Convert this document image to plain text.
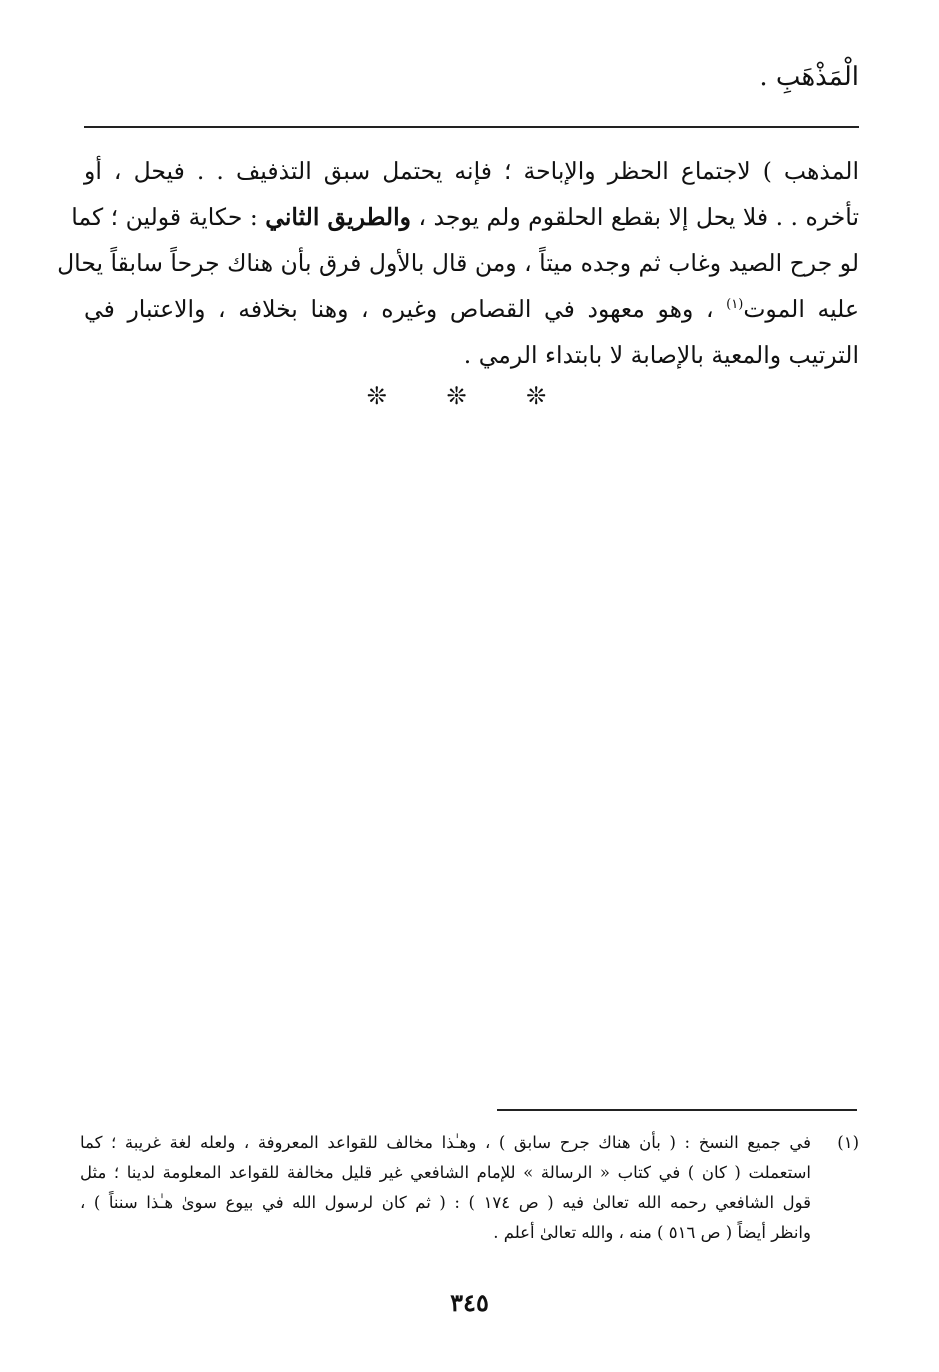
الْمَذْهَبِ .
المذهب ) لاجتماع الحظر والإباحة ؛ فإنه يحتمل سبق التذفيف . . فيحل ، أو
تأخره . . فلا يحل إلا بقطع الحلقوم ولم يوجد ، والطريق الثاني : حكاية قولين ؛ كما
لو جرح الصيد وغاب ثم وجده ميتاً ، ومن قال بالأول فرق بأن هناك جرحاً سابقاً يحال
عليه الموت$^{(١)}$ ، وهو معهود في القصاص وغيره ، وهنا بخلافه ، والاعتبار في
الترتيب والمعية بالإصابة لا بابتداء الرمي .
❊ ❊ ❊
(١)
في جميع النسخ : ( بأن هناك جرح سابق ) ، وهـٰذا مخالف للقواعد المعروفة ، ولعله لغة غريبة ؛ كما
استعملت ( كان ) في كتاب « الرسالة » للإمام الشافعي غير قليل مخالفة للقواعد المعلومة لدينا ؛ مثل
قول الشافعي رحمه الله تعالىٰ فيه ( ص ١٧٤ ) : ( ثم كان لرسول الله في بيوع سوىٰ هـٰذا سنناً ) ،
وانظر أيضاً ( ص ٥١٦ ) منه ، والله تعالىٰ أعلم .
٣٤٥
